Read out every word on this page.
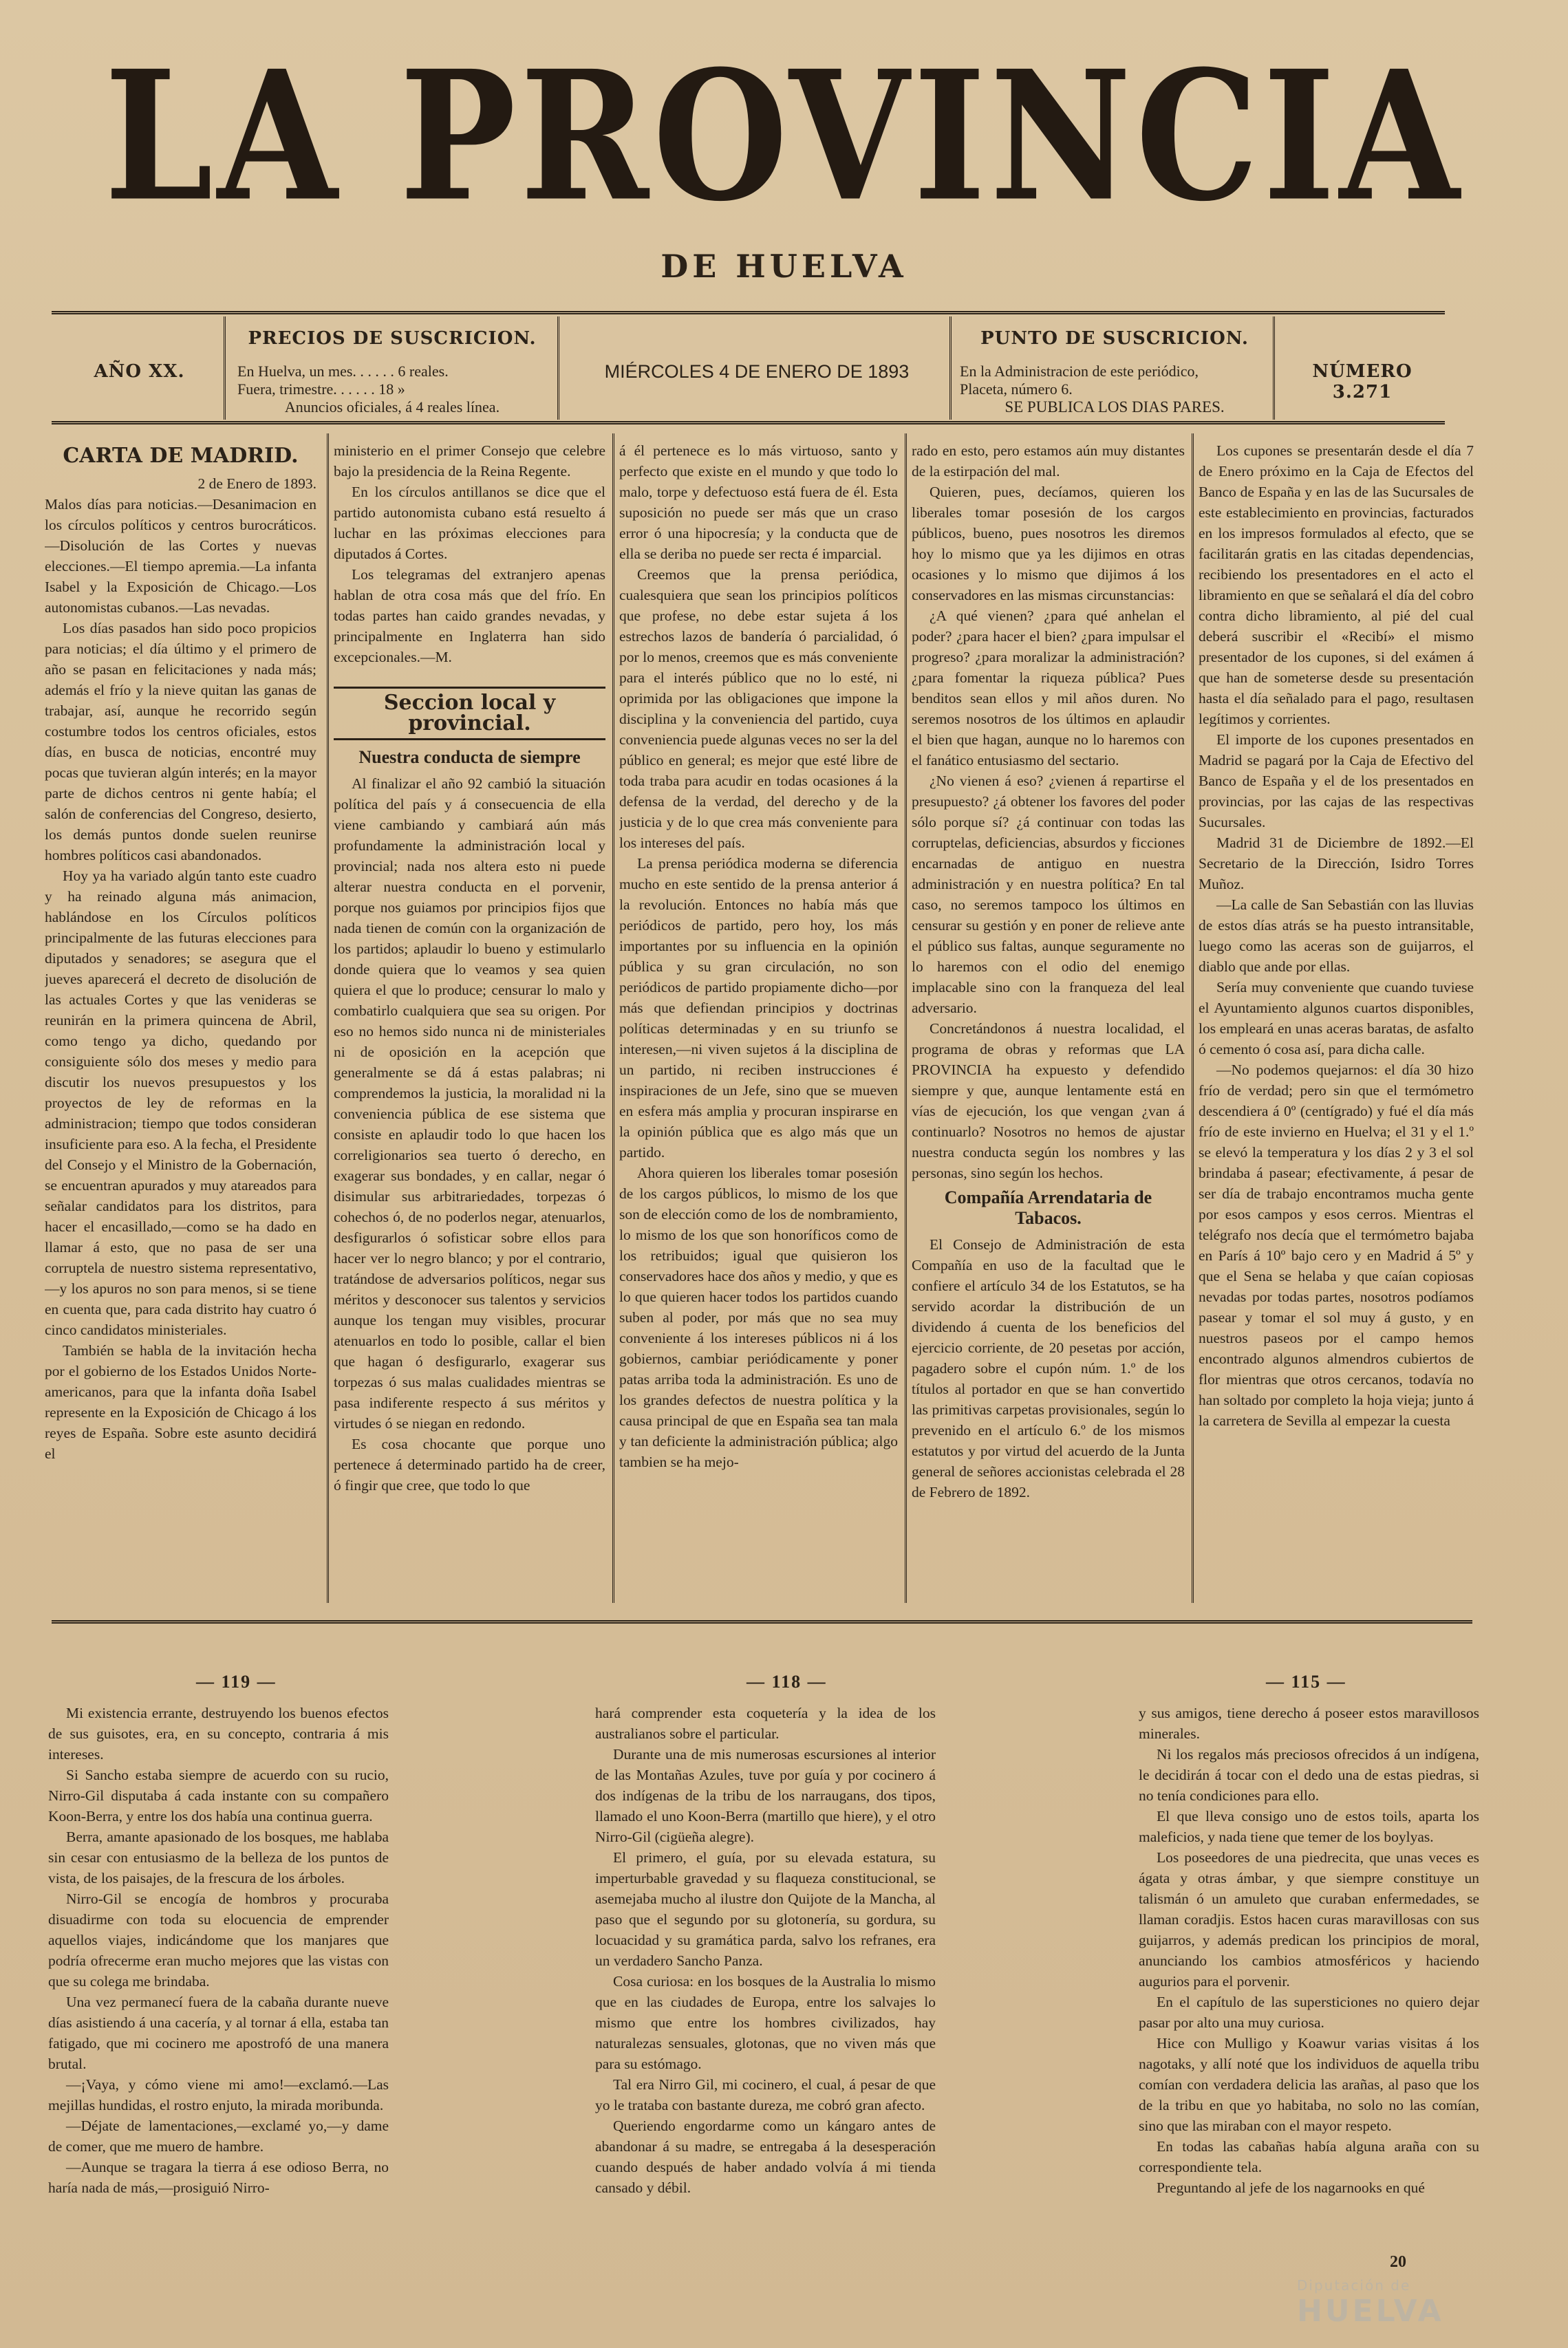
LA PROVINCIA
DE HUELVA
AÑO XX.
PRECIOS DE SUSCRICION.
En Huelva, un mes. . . . . . 6 reales.
Fuera, trimestre. . . . . . 18 »
Anuncios oficiales, á 4 reales línea.
MIÉRCOLES 4 DE ENERO DE 1893
PUNTO DE SUSCRICION.
En la Administracion de este periódico,
Placeta, número 6.
SE PUBLICA LOS DIAS PARES.
NÚMERO 3.271
CARTA DE MADRID.

2 de Enero de 1893.

Malos días para noticias.—Desanimacion en los círculos políticos y centros burocráticos.—Disolución de las Cortes y nuevas elecciones.—El tiempo apremia.—La infanta Isabel y la Exposición de Chicago.—Los autonomistas cubanos.—Las nevadas.

Los días pasados han sido poco propicios para noticias; el día último y el primero de año se pasan en felicitaciones y nada más; además el frío y la nieve quitan las ganas de trabajar, así, aunque he recorrido según costumbre todos los centros oficiales, estos días, en busca de noticias, encontré muy pocas que tuvieran algún interés; en la mayor parte de dichos centros ni gente había; el salón de conferencias del Congreso, desierto, los demás puntos donde suelen reunirse hombres políticos casi abandonados.

Hoy ya ha variado algún tanto este cuadro y ha reinado alguna más animacion, hablándose en los Círculos políticos principalmente de las futuras elecciones para diputados y senadores; se asegura que el jueves aparecerá el decreto de disolución de las actuales Cortes y que las venideras se reunirán en la primera quincena de Abril, como tengo ya dicho, quedando por consiguiente sólo dos meses y medio para discutir los nuevos presupuestos y los proyectos de ley de reformas en la administracion; tiempo que todos consideran insuficiente para eso. A la fecha, el Presidente del Consejo y el Ministro de la Gobernación, se encuentran apurados y muy atareados para señalar candidatos para los distritos, para hacer el encasillado,—como se ha dado en llamar á esto, que no pasa de ser una corruptela de nuestro sistema representativo, —y los apuros no son para menos, si se tiene en cuenta que, para cada distrito hay cuatro ó cinco candidatos ministeriales.

También se habla de la invitación hecha por el gobierno de los Estados Unidos Norte-americanos, para que la infanta doña Isabel represente en la Exposición de Chicago á los reyes de España. Sobre este asunto decidirá el

ministerio en el primer Consejo que celebre bajo la presidencia de la Reina Regente.

En los círculos antillanos se dice que el partido autonomista cubano está resuelto á luchar en las próximas elecciones para diputados á Cortes.

Los telegramas del extranjero apenas hablan de otra cosa más que del frío. En todas partes han caido grandes nevadas, y principalmente en Inglaterra han sido excepcionales.—M.

Seccion local y provincial.
Nuestra conducta de siempre

Al finalizar el año 92 cambió la situación política del país y á consecuencia de ella viene cambiando y cambiará aún más profundamente la administración local y provincial; nada nos altera esto ni puede alterar nuestra conducta en el porvenir, porque nos guiamos por principios fijos que nada tienen de común con la organización de los partidos; aplaudir lo bueno y estimularlo donde quiera que lo veamos y sea quien quiera el que lo produce; censurar lo malo y combatirlo cualquiera que sea su origen. Por eso no hemos sido nunca ni de ministeriales ni de oposición en la acepción que generalmente se dá á estas palabras; ni comprendemos la justicia, la moralidad ni la conveniencia pública de ese sistema que consiste en aplaudir todo lo que hacen los correligionarios sea tuerto ó derecho, en exagerar sus bondades, y en callar, negar ó disimular sus arbitrariedades, torpezas ó cohechos ó, de no poderlos negar, atenuarlos, desfigurarlos ó sofisticar sobre ellos para hacer ver lo negro blanco; y por el contrario, tratándose de adversarios políticos, negar sus méritos y desconocer sus talentos y servicios aunque los tengan muy visibles, procurar atenuarlos en todo lo posible, callar el bien que hagan ó desfigurarlo, exagerar sus torpezas ó sus malas cualidades mientras se pasa indiferente respecto á sus méritos y virtudes ó se niegan en redondo.

Es cosa chocante que porque uno pertenece á determinado partido ha de creer, ó fingir que cree, que todo lo que

á él pertenece es lo más virtuoso, santo y perfecto que existe en el mundo y que todo lo malo, torpe y defectuoso está fuera de él. Esta suposición no puede ser más que un craso error ó una hipocresía; y la conducta que de ella se deriba no puede ser recta é imparcial.

Creemos que la prensa periódica, cualesquiera que sean los principios políticos que profese, no debe estar sujeta á los estrechos lazos de bandería ó parcialidad, ó por lo menos, creemos que es más conveniente para el interés público que no lo esté, ni oprimida por las obligaciones que impone la disciplina y la conveniencia del partido, cuya conveniencia puede algunas veces no ser la del público en general; es mejor que esté libre de toda traba para acudir en todas ocasiones á la defensa de la verdad, del derecho y de la justicia y de lo que crea más conveniente para los intereses del país.

La prensa periódica moderna se diferencia mucho en este sentido de la prensa anterior á la revolución. Entonces no había más que periódicos de partido, pero hoy, los más importantes por su influencia en la opinión pública y su gran circulación, no son periódicos de partido propiamente dicho—por más que defiendan principios y doctrinas políticas determinadas y en su triunfo se interesen,—ni viven sujetos á la disciplina de un partido, ni reciben instrucciones é inspiraciones de un Jefe, sino que se mueven en esfera más amplia y procuran inspirarse en la opinión pública que es algo más que un partido.

Ahora quieren los liberales tomar posesión de los cargos públicos, lo mismo de los que son de elección como de los de nombramiento, lo mismo de los que son honoríficos como de los retribuidos; igual que quisieron los conservadores hace dos años y medio, y que es lo que quieren hacer todos los partidos cuando suben al poder, por más que no sea muy conveniente á los intereses públicos ni á los gobiernos, cambiar periódicamente y poner patas arriba toda la administración. Es uno de los grandes defectos de nuestra política y la causa principal de que en España sea tan mala y tan deficiente la administración pública; algo tambien se ha mejo-

rado en esto, pero estamos aún muy distantes de la estirpación del mal.

Quieren, pues, decíamos, quieren los liberales tomar posesión de los cargos públicos, bueno, pues nosotros les diremos hoy lo mismo que ya les dijimos en otras ocasiones y lo mismo que dijimos á los conservadores en las mismas circunstancias:

¿A qué vienen? ¿para qué anhelan el poder? ¿para hacer el bien? ¿para impulsar el progreso? ¿para moralizar la administración? ¿para fomentar la riqueza pública? Pues benditos sean ellos y mil años duren. No seremos nosotros de los últimos en aplaudir el bien que hagan, aunque no lo haremos con el fanático entusiasmo del sectario.

¿No vienen á eso? ¿vienen á repartirse el presupuesto? ¿á obtener los favores del poder sólo porque sí? ¿á continuar con todas las corruptelas, deficiencias, absurdos y ficciones encarnadas de antiguo en nuestra administración y en nuestra política? En tal caso, no seremos tampoco los últimos en censurar su gestión y en poner de relieve ante el público sus faltas, aunque seguramente no lo haremos con el odio del enemigo implacable sino con la franqueza del leal adversario.

Concretándonos á nuestra localidad, el programa de obras y reformas que LA PROVINCIA ha expuesto y defendido siempre y que, aunque lentamente está en vías de ejecución, los que vengan ¿van á continuarlo? Nosotros no hemos de ajustar nuestra conducta según los nombres y las personas, sino según los hechos.

Compañía Arrendataria de Tabacos.

El Consejo de Administración de esta Compañía en uso de la facultad que le confiere el artículo 34 de los Estatutos, se ha servido acordar la distribución de un dividendo á cuenta de los beneficios del ejercicio corriente, de 20 pesetas por acción, pagadero sobre el cupón núm. 1.º de los títulos al portador en que se han convertido las primitivas carpetas provisionales, según lo prevenido en el artículo 6.º de los mismos estatutos y por virtud del acuerdo de la Junta general de señores accionistas celebrada el 28 de Febrero de 1892.

Los cupones se presentarán desde el día 7 de Enero próximo en la Caja de Efectos del Banco de España y en las de las Sucursales de este establecimiento en provincias, facturados en los impresos formulados al efecto, que se facilitarán gratis en las citadas dependencias, recibiendo los presentadores en el acto el libramiento en que se señalará el día del cobro contra dicho libramiento, al pié del cual deberá suscribir el «Recibí» el mismo presentador de los cupones, si del exámen á que han de someterse desde su presentación hasta el día señalado para el pago, resultasen legítimos y corrientes.

El importe de los cupones presentados en Madrid se pagará por la Caja de Efectivo del Banco de España y el de los presentados en provincias, por las cajas de las respectivas Sucursales.

Madrid 31 de Diciembre de 1892.—El Secretario de la Dirección, Isidro Torres Muñoz.

—La calle de San Sebastián con las lluvias de estos días atrás se ha puesto intransitable, luego como las aceras son de guijarros, el diablo que ande por ellas.

Sería muy conveniente que cuando tuviese el Ayuntamiento algunos cuartos disponibles, los empleará en unas aceras baratas, de asfalto ó cemento ó cosa así, para dicha calle.

—No podemos quejarnos: el día 30 hizo frío de verdad; pero sin que el termómetro descendiera á 0º (centígrado) y fué el día más frío de este invierno en Huelva; el 31 y el 1.º se elevó la temperatura y los días 2 y 3 el sol brindaba á pasear; efectivamente, á pesar de ser día de trabajo encontramos mucha gente por esos campos y esos cerros. Mientras el telégrafo nos decía que el termómetro bajaba en París á 10º bajo cero y en Madrid á 5º y que el Sena se helaba y que caían copiosas nevadas por todas partes, nosotros podíamos pasear y tomar el sol muy á gusto, y en nuestros paseos por el campo hemos encontrado algunos almendros cubiertos de flor mientras que otros cercanos, todavía no han soltado por completo la hoja vieja; junto á la carretera de Sevilla al empezar la cuesta

— 119 —	— 118 —	— 115 —

Mi existencia errante, destruyendo los buenos efectos de sus guisotes, era, en su concepto, contraria á mis intereses.

Si Sancho estaba siempre de acuerdo con su rucio, Nirro-Gil disputaba á cada instante con su compañero Koon-Berra, y entre los dos había una continua guerra.

Berra, amante apasionado de los bosques, me hablaba sin cesar con entusiasmo de la belleza de los puntos de vista, de los paisajes, de la frescura de los árboles.

Nirro-Gil se encogía de hombros y procuraba disuadirme con toda su elocuencia de emprender aquellos viajes, indicándome que los manjares que podría ofrecerme eran mucho mejores que las vistas con que su colega me brindaba.

Una vez permanecí fuera de la cabaña durante nueve días asistiendo á una cacería, y al tornar á ella, estaba tan fatigado, que mi cocinero me apostrofó de una manera brutal.

—¡Vaya, y cómo viene mi amo!—exclamó.—Las mejillas hundidas, el rostro enjuto, la mirada moribunda.

—Déjate de lamentaciones,—exclamé yo,—y dame de comer, que me muero de hambre.

—Aunque se tragara la tierra á ese odioso Berra, no haría nada de más,—prosiguió Nirro-

hará comprender esta coquetería y la idea de los australianos sobre el particular.

Durante una de mis numerosas escursiones al interior de las Montañas Azules, tuve por guía y por cocinero á dos indígenas de la tribu de los narraugans, dos tipos, llamado el uno Koon-Berra (martillo que hiere), y el otro Nirro-Gil (cigüeña alegre).

El primero, el guía, por su elevada estatura, su imperturbable gravedad y su flaqueza constitucional, se asemejaba mucho al ilustre don Quijote de la Mancha, al paso que el segundo por su glotonería, su gordura, su locuacidad y su gramática parda, salvo los refranes, era un verdadero Sancho Panza.

Cosa curiosa: en los bosques de la Australia lo mismo que en las ciudades de Europa, entre los salvajes lo mismo que entre los hombres civilizados, hay naturalezas sensuales, glotonas, que no viven más que para su estómago.

Tal era Nirro Gil, mi cocinero, el cual, á pesar de que yo le trataba con bastante dureza, me cobró gran afecto.

Queriendo engordarme como un kángaro antes de abandonar á su madre, se entregaba á la desesperación cuando después de haber andado volvía á mi tienda cansado y débil.

y sus amigos, tiene derecho á poseer estos maravillosos minerales.

Ni los regalos más preciosos ofrecidos á un indígena, le decidirán á tocar con el dedo una de estas piedras, si no tenía condiciones para ello.

El que lleva consigo uno de estos toils, aparta los maleficios, y nada tiene que temer de los boylyas.

Los poseedores de una piedrecita, que unas veces es ágata y otras ámbar, y que siempre constituye un talismán ó un amuleto que curaban enfermedades, se llaman coradjis. Estos hacen curas maravillosas con sus guijarros, y además predican los principios de moral, anunciando los cambios atmosféricos y haciendo augurios para el porvenir.

En el capítulo de las supersticiones no quiero dejar pasar por alto una muy curiosa.

Hice con Mulligo y Koawur varias visitas á los nagotaks, y allí noté que los individuos de aquella tribu comían con verdadera delicia las arañas, al paso que los de la tribu en que yo habitaba, no solo no las comían, sino que las miraban con el mayor respeto.

En todas las cabañas había alguna araña con su correspondiente tela.

Preguntando al jefe de los nagarnooks en qué

20
Diputación de
HUELVA
